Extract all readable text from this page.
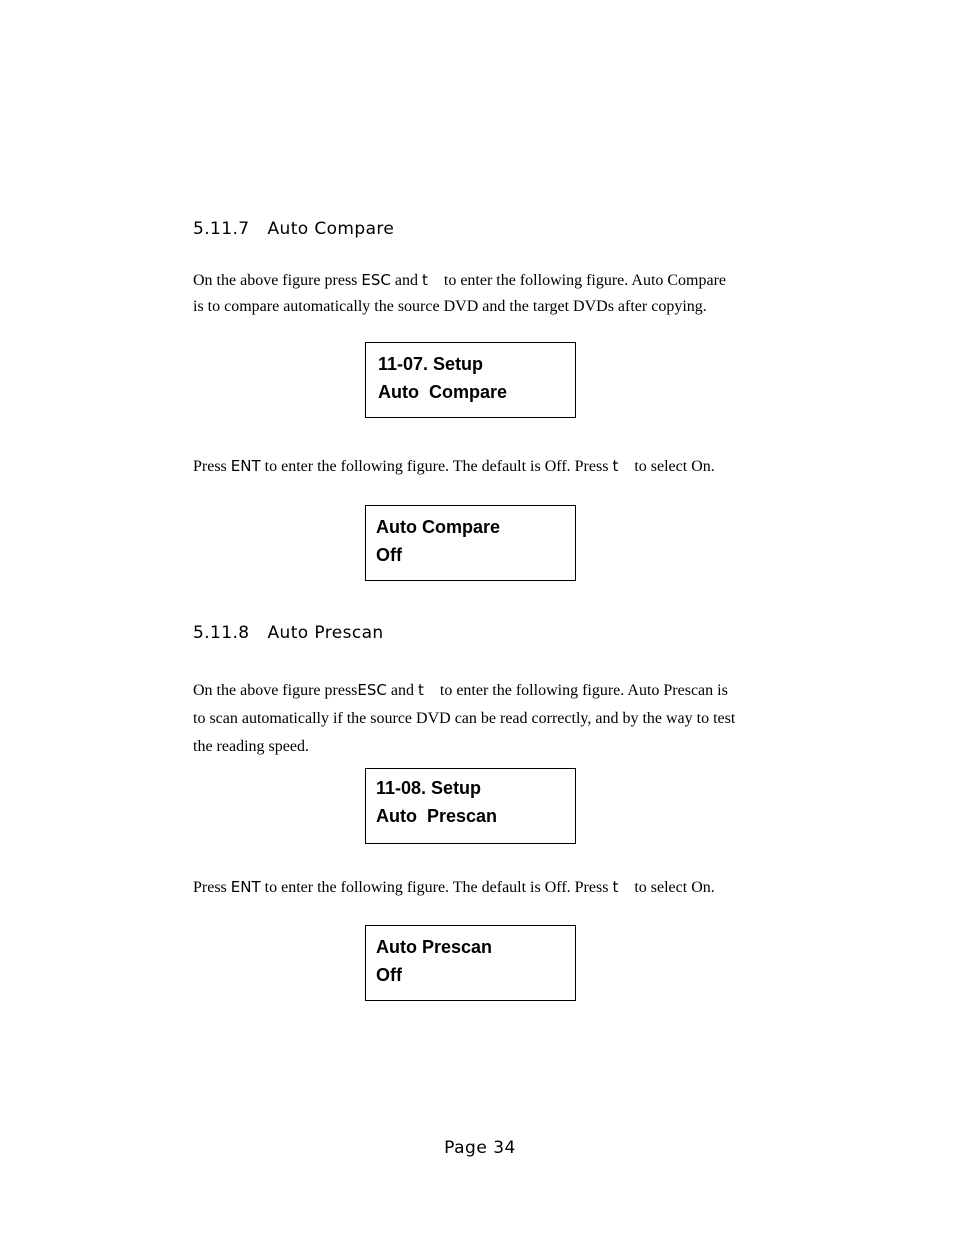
5.11.7 Auto Compare

On the above figure press ESC and t to enter the following figure. Auto Compare
is to compare automatically the source DVD and the target DVDs after copying.

11-07. Setup
Auto  Compare

Press ENT to enter the following figure. The default is Off. Press t to select On.

Auto Compare
Off
5.11.8 Auto Prescan

On the above figure pressESC and t to enter the following figure. Auto Prescan is
to scan automatically if the source DVD can be read correctly, and by the way to test
the reading speed.

11-08. Setup
Auto  Prescan

Press ENT to enter the following figure. The default is Off. Press t to select On.

Auto Prescan
Off
Page 34
